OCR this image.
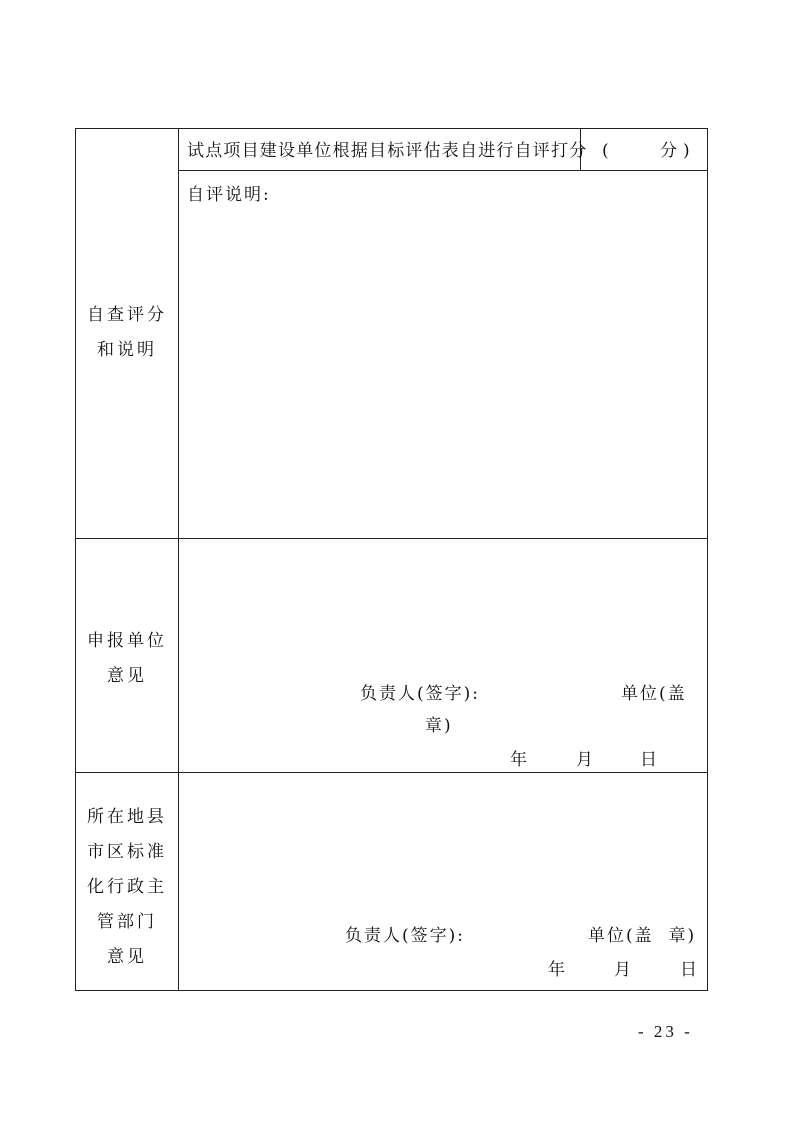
自查评分
和说明
试点项目建设单位根据目标评估表自进行自评打分 (	分)
自评说明:
申报单位
意见
负责人(签字):	单位(盖
章)
年	月	日
所在地县
市区标准
化行政主
管部门
意见
负责人(签字):	单位(盖  章)
年	月	日
- 23 -
